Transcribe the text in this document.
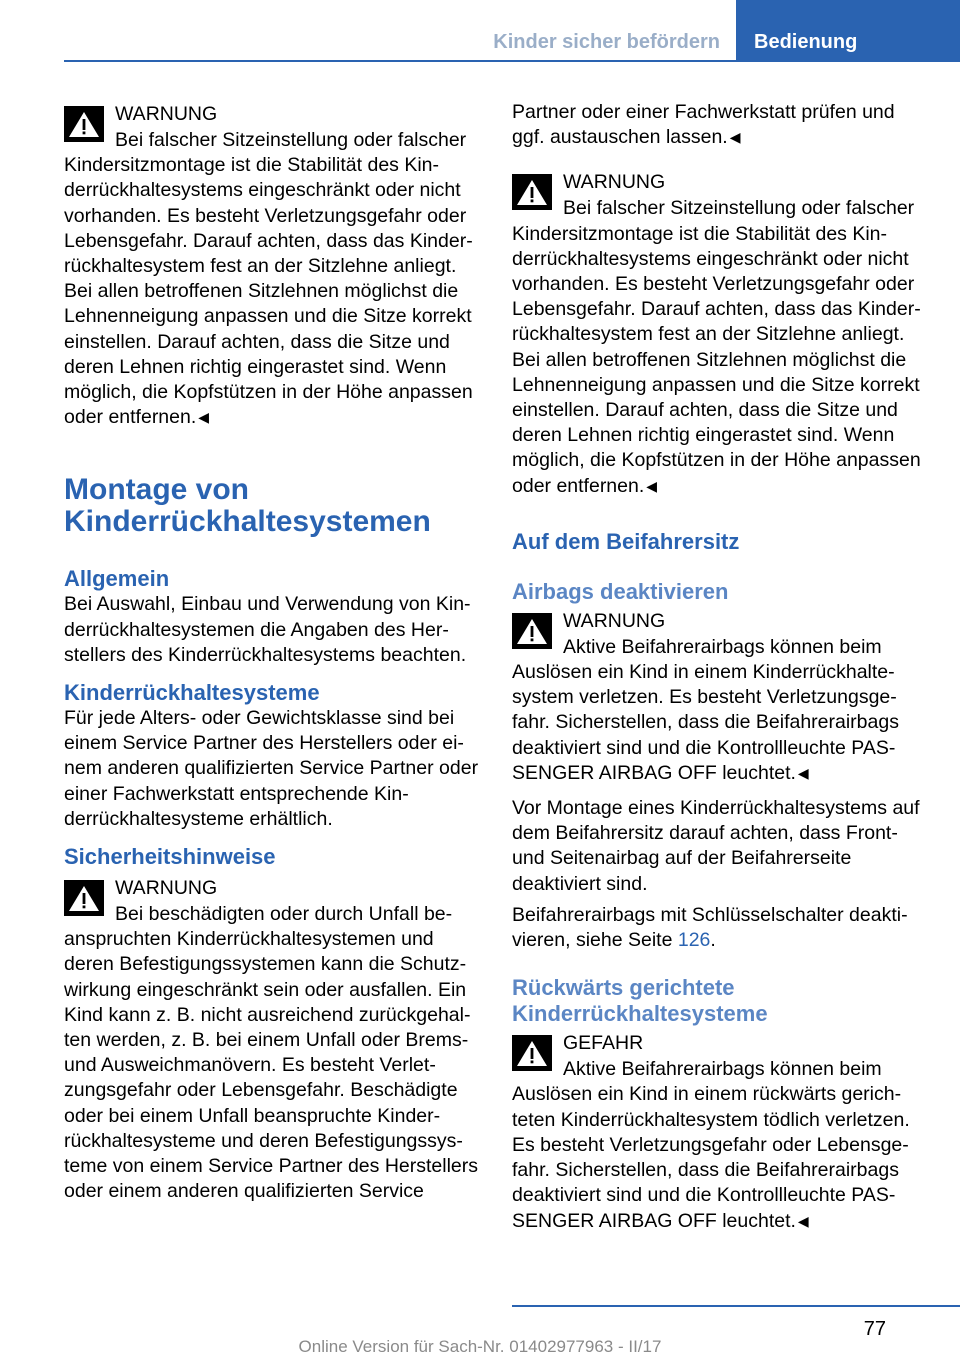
Kinder sicher befördern Bedienung
WARNUNG

Bei falscher Sitzeinstellung oder falscher Kindersitzmontage ist die Stabilität des Kinderrückhaltesystems eingeschränkt oder nicht vorhanden. Es besteht Verletzungsgefahr oder Lebensgefahr. Darauf achten, dass das Kinderrückhaltesystem fest an der Sitzlehne anliegt. Bei allen betroffenen Sitzlehnen möglichst die Lehnenneigung anpassen und die Sitze korrekt einstellen. Darauf achten, dass die Sitze und deren Lehnen richtig eingerastet sind. Wenn möglich, die Kopfstützen in der Höhe anpassen oder entfernen. ◀

Montage von Kinderrückhaltesystemen
Allgemein

Bei Auswahl, Einbau und Verwendung von Kinderrückhaltesystemen die Angaben des Herstellers des Kinderrückhaltesystems beachten.

Kinderrückhaltesysteme

Für jede Alters- oder Gewichtsklasse sind bei einem Service Partner des Herstellers oder einem anderen qualifizierten Service Partner oder einer Fachwerkstatt entsprechende Kinderrückhaltesysteme erhältlich.

Sicherheitshinweise
WARNUNG

Bei beschädigten oder durch Unfall beanspruchten Kinderrückhaltesystemen und deren Befestigungssystemen kann die Schutzwirkung eingeschränkt sein oder ausfallen. Ein Kind kann z. B. nicht ausreichend zurückgehalten werden, z. B. bei einem Unfall oder Brems- und Ausweichmanövern. Es besteht Verletzungsgefahr oder Lebensgefahr. Beschädigte oder bei einem Unfall beanspruchte Kinderrückhaltesysteme und deren Befestigungssysteme von einem Service Partner des Herstellers oder einem anderen qualifizierten Service

Partner oder einer Fachwerkstatt prüfen und ggf. austauschen lassen. ◀

WARNUNG

Bei falscher Sitzeinstellung oder falscher Kindersitzmontage ist die Stabilität des Kinderrückhaltesystems eingeschränkt oder nicht vorhanden. Es besteht Verletzungsgefahr oder Lebensgefahr. Darauf achten, dass das Kinderrückhaltesystem fest an der Sitzlehne anliegt. Bei allen betroffenen Sitzlehnen möglichst die Lehnenneigung anpassen und die Sitze korrekt einstellen. Darauf achten, dass die Sitze und deren Lehnen richtig eingerastet sind. Wenn möglich, die Kopfstützen in der Höhe anpassen oder entfernen. ◀

Auf dem Beifahrersitz
Airbags deaktivieren
WARNUNG

Aktive Beifahrerairbags können beim Auslösen ein Kind in einem Kinderrückhaltesystem verletzen. Es besteht Verletzungsgefahr. Sicherstellen, dass die Beifahrerairbags deaktiviert sind und die Kontrollleuchte PASSENGER AIRBAG OFF leuchtet. ◀

Vor Montage eines Kinderrückhaltesystems auf dem Beifahrersitz darauf achten, dass Front- und Seitenairbag auf der Beifahrerseite deaktiviert sind.

Beifahrerairbags mit Schlüsselschalter deaktivieren, siehe Seite 126.

Rückwärts gerichtete Kinderrückhaltesysteme
GEFAHR

Aktive Beifahrerairbags können beim Auslösen ein Kind in einem rückwärts gerichteten Kinderrückhaltesystem tödlich verletzen. Es besteht Verletzungsgefahr oder Lebensgefahr. Sicherstellen, dass die Beifahrerairbags deaktiviert sind und die Kontrollleuchte PASSENGER AIRBAG OFF leuchtet. ◀

77
Online Version für Sach-Nr. 01402977963 - II/17
